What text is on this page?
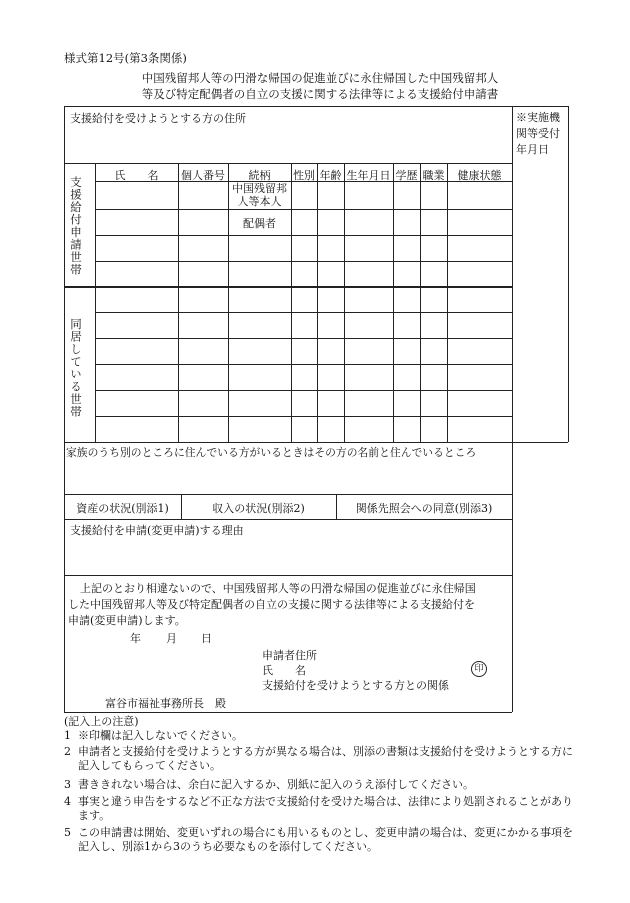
様式第12号(第3条関係)
中国残留邦人等の円滑な帰国の促進並びに永住帰国した中国残留邦人
等及び特定配偶者の自立の支援に関する法律等による支援給付申請書
※実施機関等受付年月日
支援給付を受けようとする方の住所
氏　　名	個人番号	続柄	性別 年齢 生年月日 学歴 職業	健康状態
中国残留邦人等本人
配偶者
支援給付申請世帯
同居している世帯
家族のうち別のところに住んでいる方がいるときはその方の名前と住んでいるところ
資産の状況(別添1)	収入の状況(別添2)	関係先照会への同意(別添3)
支援給付を申請(変更申請)する理由
上記のとおり相違ないので、中国残留邦人等の円滑な帰国の促進並びに永住帰国
した中国残留邦人等及び特定配偶者の自立の支援に関する法律等による支援給付を
申請(変更申請)します。
年 月 日
申請者住所
氏　　名	印
支援給付を受けようとする方との関係
富谷市福祉事務所長　殿
(記入上の注意)
1 ※印欄は記入しないでください。
2 申請者と支援給付を受けようとする方が異なる場合は、別添の書類は支援給付を受けようとする方に記入してもらってください。
3 書ききれない場合は、余白に記入するか、別紙に記入のうえ添付してください。
4 事実と違う申告をするなど不正な方法で支援給付を受けた場合は、法律により処罰されることがあります。
5 この申請書は開始、変更いずれの場合にも用いるものとし、変更申請の場合は、変更にかかる事項を記入し、別添1から3のうち必要なものを添付してください。
